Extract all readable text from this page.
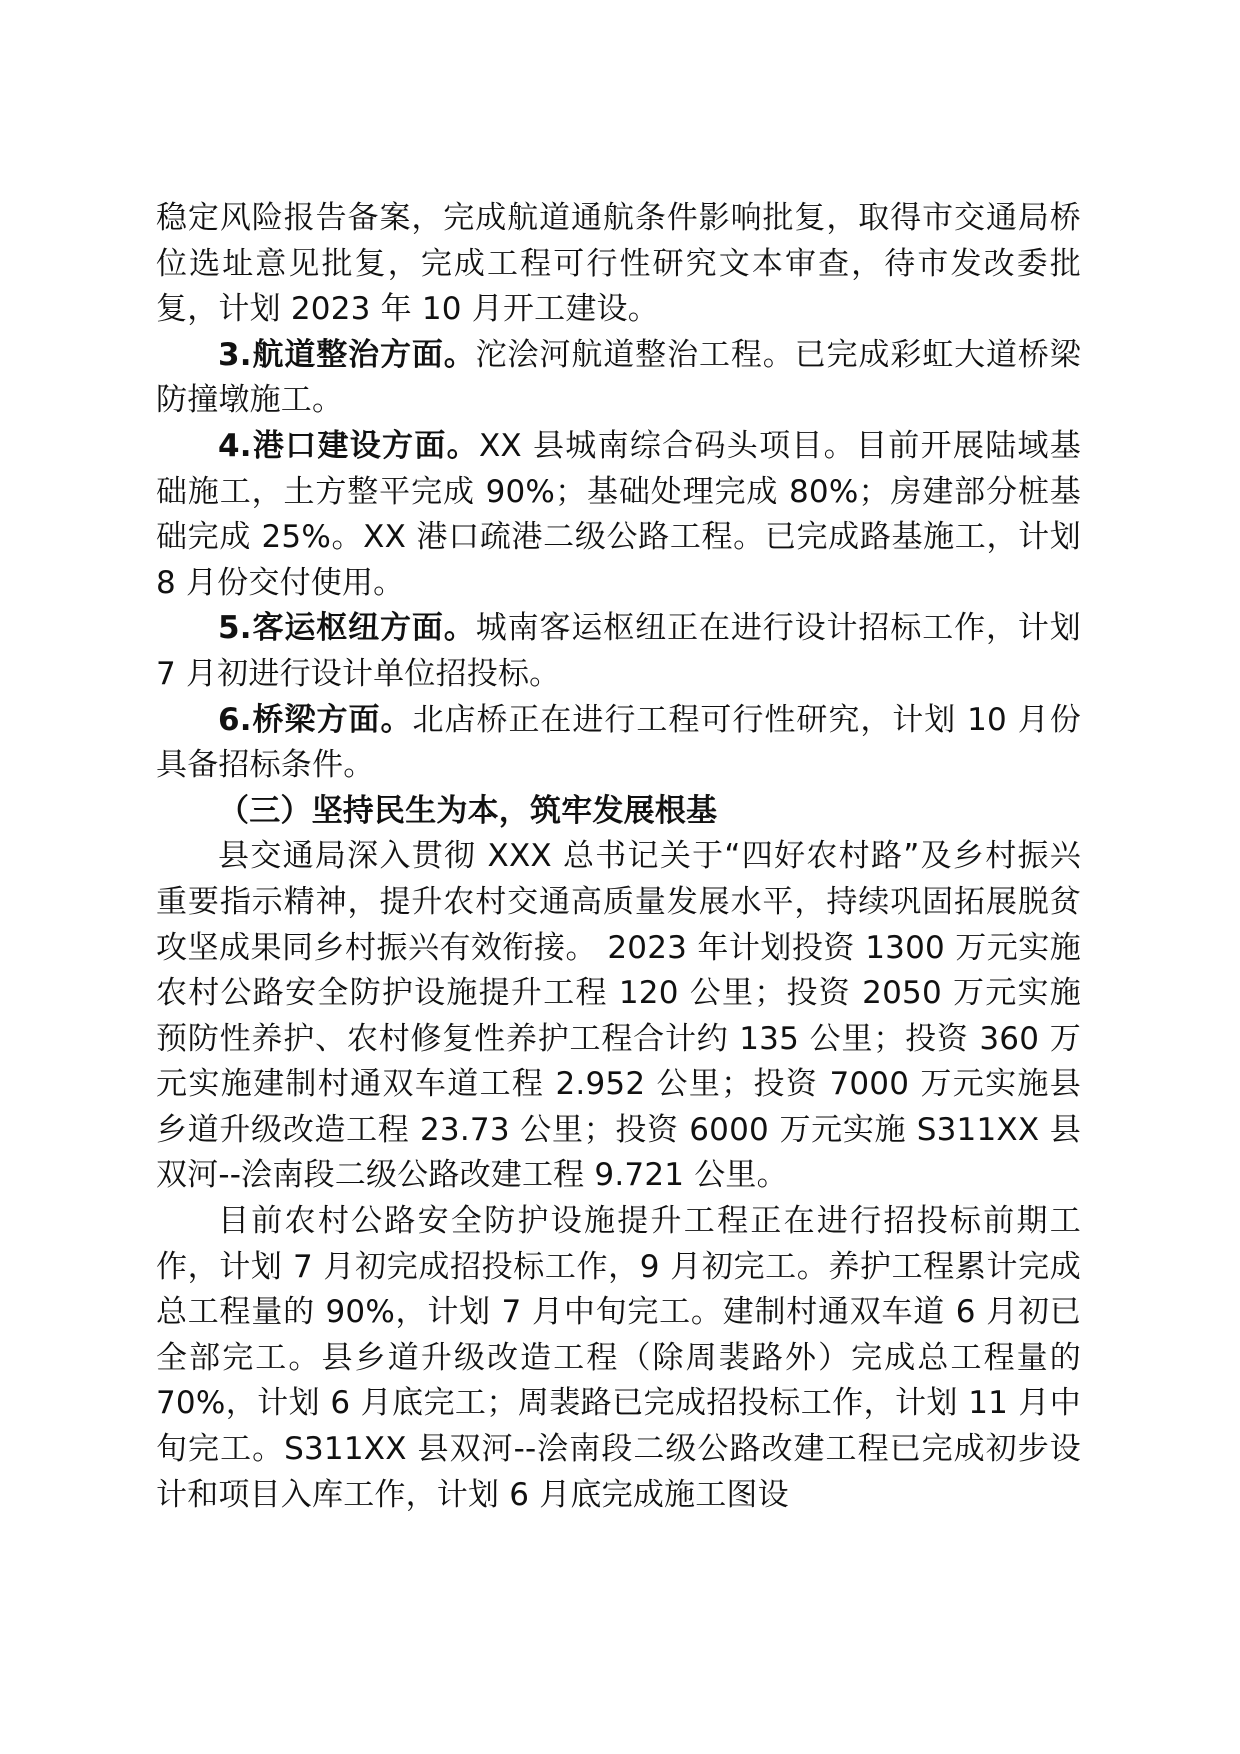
稳定风险报告备案，完成航道通航条件影响批复，取得市交通局桥位选址意见批复，完成工程可行性研究文本审查，待市发改委批复，计划 2023 年 10 月开工建设。

3.航道整治方面。沱浍河航道整治工程。已完成彩虹大道桥梁防撞墩施工。

4.港口建设方面。XX 县城南综合码头项目。目前开展陆域基础施工，土方整平完成 90%；基础处理完成 80%；房建部分桩基础完成 25%。XX 港口疏港二级公路工程。已完成路基施工，计划 8 月份交付使用。

5.客运枢纽方面。城南客运枢纽正在进行设计招标工作，计划 7 月初进行设计单位招投标。

6.桥梁方面。北店桥正在进行工程可行性研究，计划 10 月份具备招标条件。

（三）坚持民生为本，筑牢发展根基

县交通局深入贯彻 XXX 总书记关于“四好农村路”及乡村振兴重要指示精神，提升农村交通高质量发展水平，持续巩固拓展脱贫攻坚成果同乡村振兴有效衔接。 2023 年计划投资 1300 万元实施农村公路安全防护设施提升工程 120 公里；投资 2050 万元实施预防性养护、农村修复性养护工程合计约 135 公里；投资 360 万元实施建制村通双车道工程 2.952 公里；投资 7000 万元实施县乡道升级改造工程 23.73 公里；投资 6000 万元实施 S311XX 县双河--浍南段二级公路改建工程 9.721 公里。

目前农村公路安全防护设施提升工程正在进行招投标前期工作，计划 7 月初完成招投标工作，9 月初完工。养护工程累计完成总工程量的 90%，计划 7 月中旬完工。建制村通双车道 6 月初已全部完工。县乡道升级改造工程（除周裴路外）完成总工程量的 70%，计划 6 月底完工；周裴路已完成招投标工作，计划 11 月中旬完工。S311XX 县双河--浍南段二级公路改建工程已完成初步设计和项目入库工作，计划 6 月底完成施工图设
